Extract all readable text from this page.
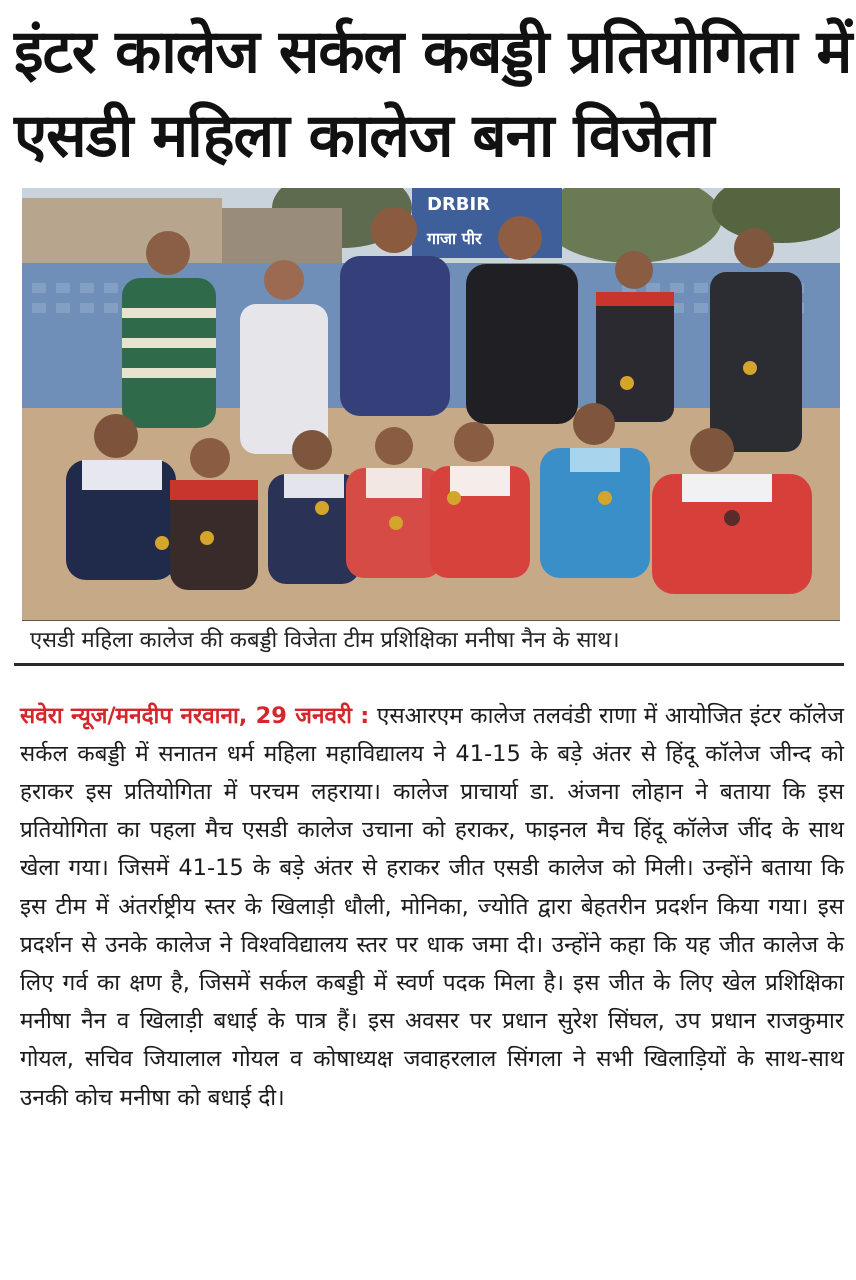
इंटर कालेज सर्कल कबड्डी प्रतियोगिता में
एसडी महिला कालेज बना विजेता
DRBIR
गाजा पीर
एसडी महिला कालेज की कबड्डी विजेता टीम प्रशिक्षिका मनीषा नैन के साथ।

सवेरा न्यूज/मनदीप नरवाना, 29 जनवरी : एसआरएम कालेज तलवंडी राणा में आयोजित इंटर कॉलेज सर्कल कबड्डी में सनातन धर्म महिला महाविद्यालय ने 41-15 के बड़े अंतर से हिंदू कॉलेज जीन्द को हराकर इस प्रतियोगिता में परचम लहराया। कालेज प्राचार्या डा. अंजना लोहान ने बताया कि इस प्रतियोगिता का पहला मैच एसडी कालेज उचाना को हराकर, फाइनल मैच हिंदू कॉलेज जींद के साथ खेला गया। जिसमें 41-15 के बड़े अंतर से हराकर जीत एसडी कालेज को मिली। उन्होंने बताया कि इस टीम में अंतर्राष्ट्रीय स्तर के खिलाड़ी धौली, मोनिका, ज्योति द्वारा बेहतरीन प्रदर्शन किया गया। इस प्रदर्शन से उनके कालेज ने विश्वविद्यालय स्तर पर धाक जमा दी। उन्होंने कहा कि यह जीत कालेज के लिए गर्व का क्षण है, जिसमें सर्कल कबड्डी में स्वर्ण पदक मिला है। इस जीत के लिए खेल प्रशिक्षिका मनीषा नैन व खिलाड़ी बधाई के पात्र हैं। इस अवसर पर प्रधान सुरेश सिंघल, उप प्रधान राजकुमार गोयल, सचिव जियालाल गोयल व कोषाध्यक्ष जवाहरलाल सिंगला ने सभी खिलाड़ियों के साथ-साथ उनकी कोच मनीषा को बधाई दी।
